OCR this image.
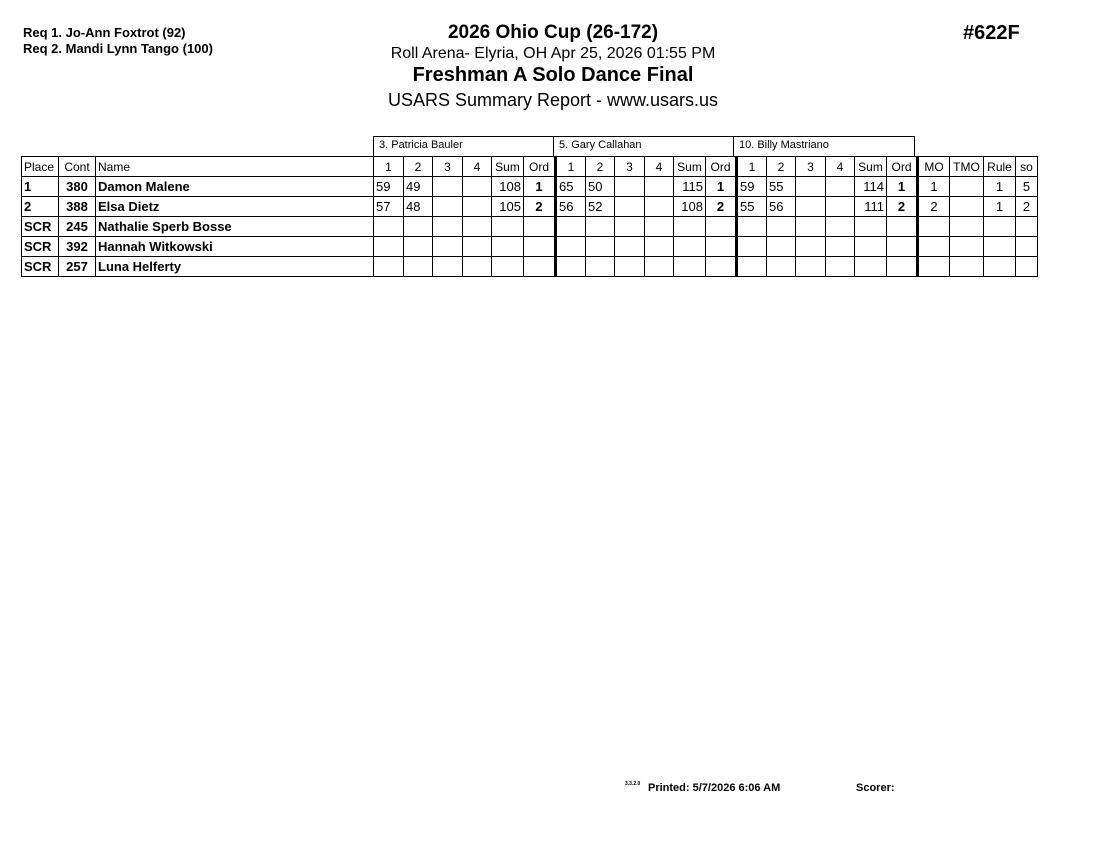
Req 1. Jo-Ann Foxtrot (92)
Req 2. Mandi Lynn Tango (100)
#622F
2026 Ohio Cup (26-172)
Roll Arena- Elyria, OH Apr 25, 2026 01:55 PM
Freshman A Solo Dance Final
USARS Summary Report - www.usars.us
3. Patricia Bauler	5. Gary Callahan	10. Billy Mastriano
Place	Cont	Name	1	2	3	4	Sum	Ord	1	2	3	4	Sum	Ord	1	2	3	4	Sum	Ord	MO	TMO	Rule	so
1	380	Damon Malene	59	49			108	1	65	50			115	1	59	55			114	1	1		1	5
2	388	Elsa Dietz	57	48			105	2	56	52			108	2	55	56			111	2	2		1	2
SCR	245	Nathalie Sperb Bosse																						
SCR	392	Hannah Witkowski																						
SCR	257	Luna Helferty																						
3.3.2.0 Printed: 5/7/2026 6:06 AM	Scorer:
